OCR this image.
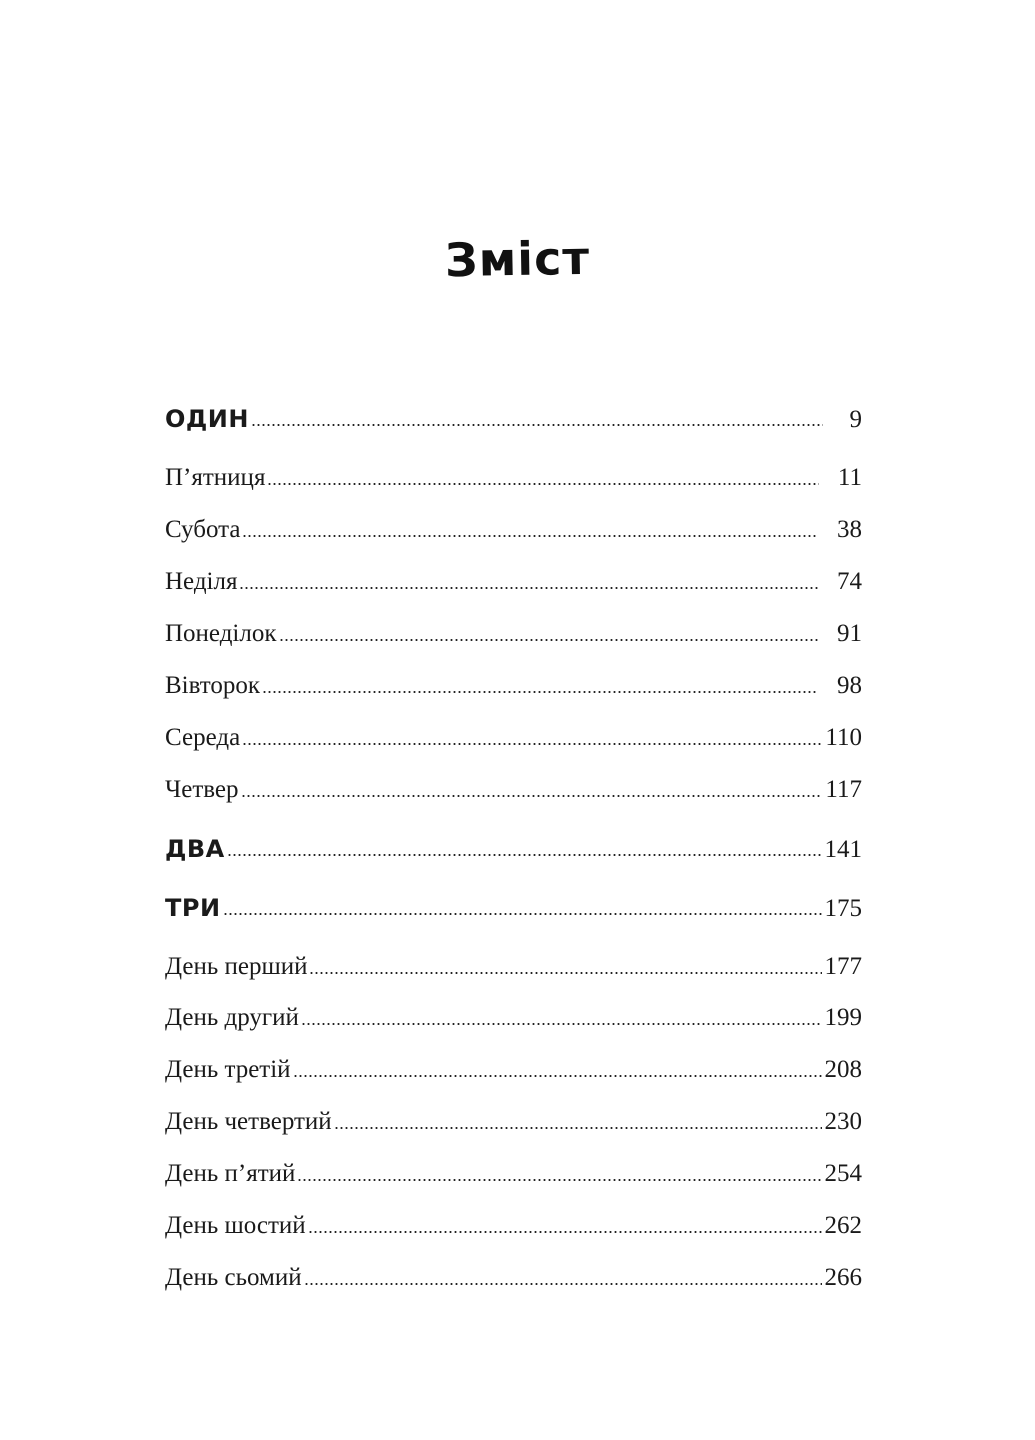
Зміст
ОДИН	9
П’ятниця	11
Субота	38
Неділя	74
Понеділок	91
Вівторок	98
Середа	110
Четвер	117
ДВА	141
ТРИ	175
День перший	177
День другий	199
День третій	208
День четвертий	230
День п’ятий	254
День шостий	262
День сьомий	266
